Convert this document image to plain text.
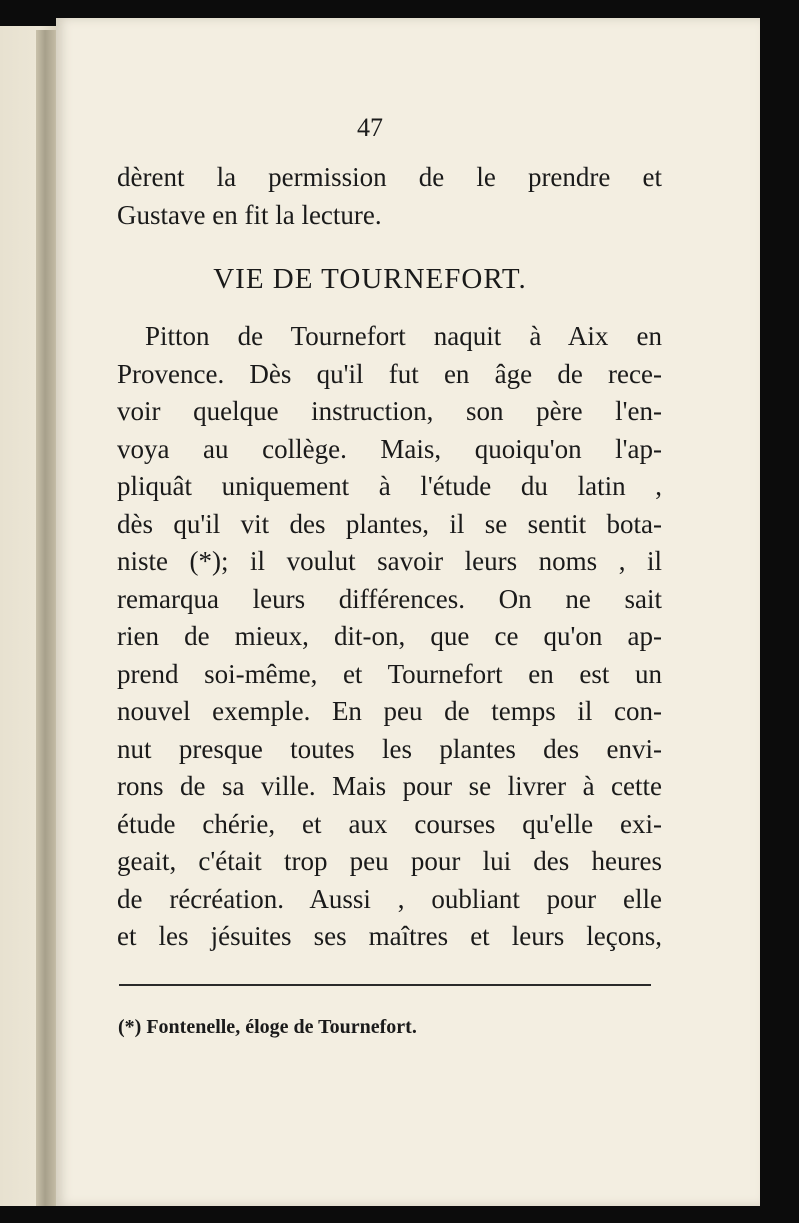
47
dèrent la permission de le prendre et
Gustave en fit la lecture.
VIE DE TOURNEFORT.
Pitton de Tournefort naquit à Aix en
Provence. Dès qu'il fut en âge de rece-
voir quelque instruction, son père l'en-
voya au collège. Mais, quoiqu'on l'ap-
pliquât uniquement à l'étude du latin ,
dès qu'il vit des plantes, il se sentit bota-
niste (*); il voulut savoir leurs noms , il
remarqua leurs différences. On ne sait
rien de mieux, dit-on, que ce qu'on ap-
prend soi-même, et Tournefort en est un
nouvel exemple. En peu de temps il con-
nut presque toutes les plantes des envi-
rons de sa ville. Mais pour se livrer à cette
étude chérie, et aux courses qu'elle exi-
geait, c'était trop peu pour lui des heures
de récréation. Aussi , oubliant pour elle
et les jésuites ses maîtres et leurs leçons,
(*) Fontenelle, éloge de Tournefort.
